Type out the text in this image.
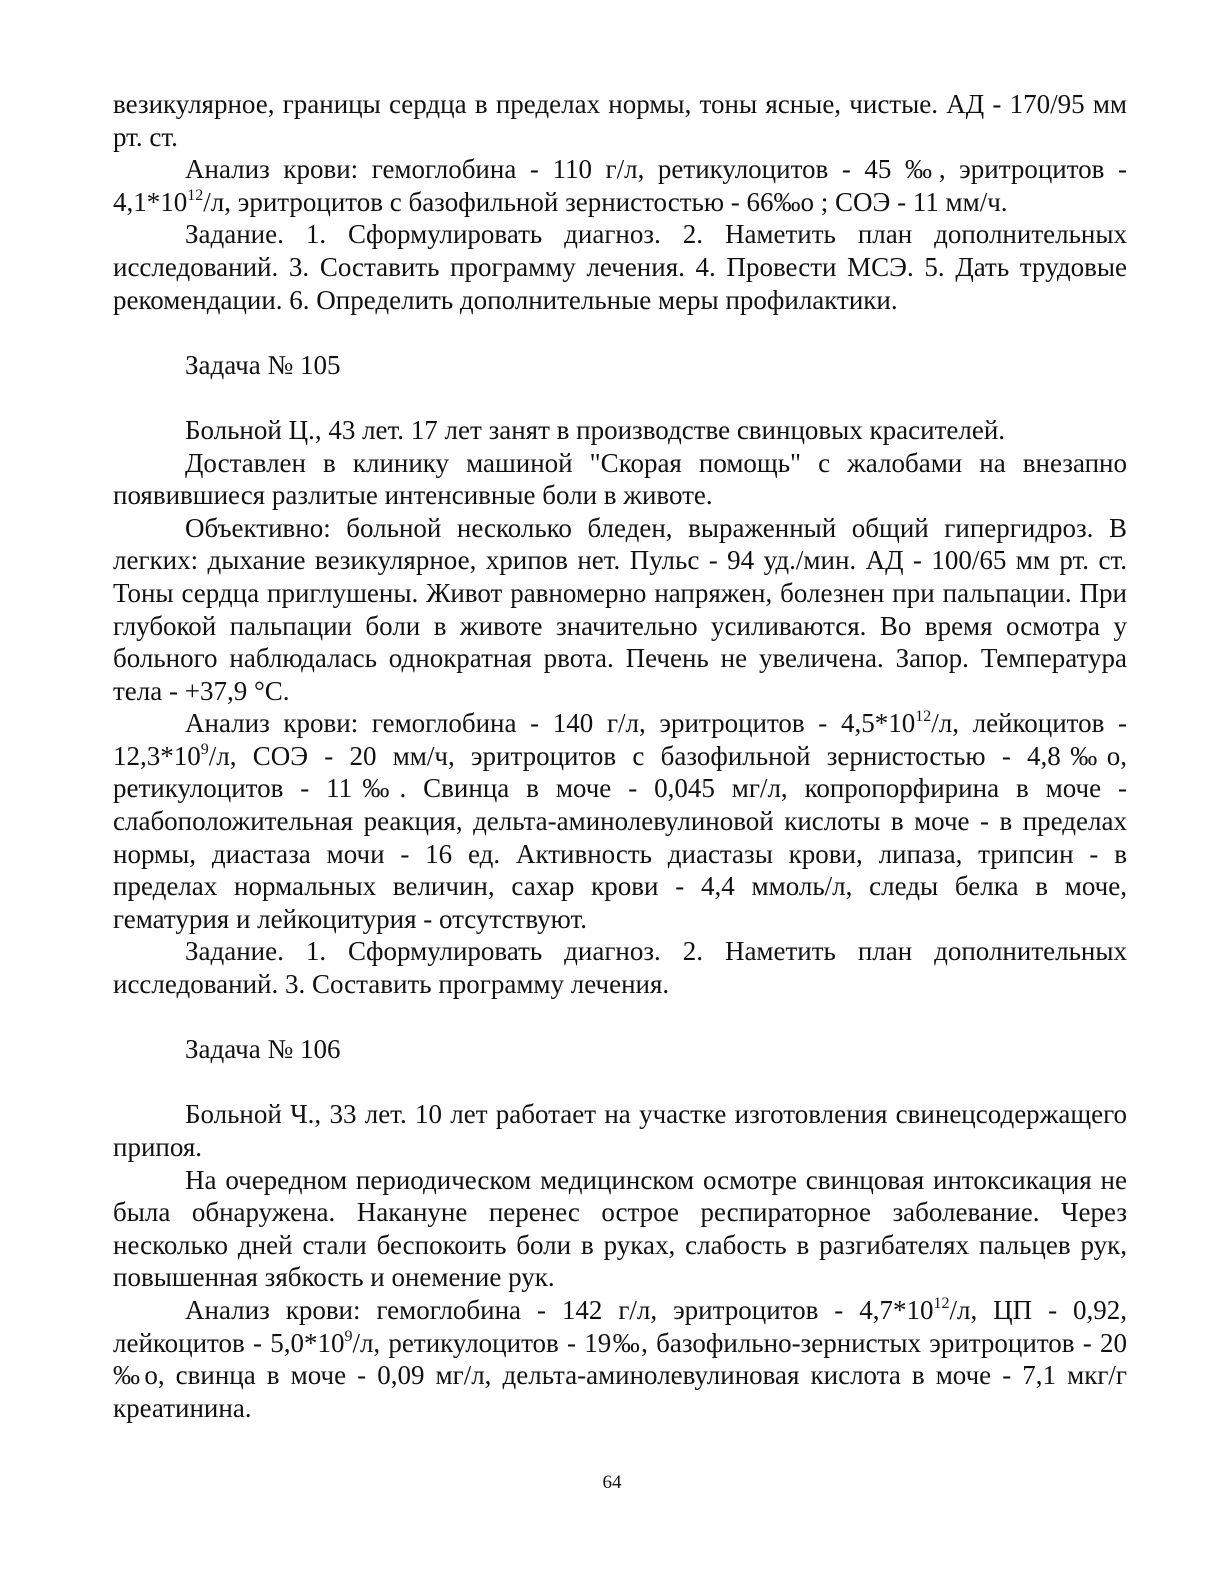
везикулярное, границы сердца в пределах нормы, тоны ясные, чистые. АД - 170/95 мм рт. ст.

Анализ крови: гемоглобина - 110 г/л, ретикулоцитов - 45 ‰, эритроцитов - $4,1*10^{12}/л$, эритроцитов с базофильной зернистостью - 66‰о ; СОЭ - 11 мм/ч.

Задание. 1. Сформулировать диагноз. 2. Наметить план дополнительных исследований. 3. Составить программу лечения. 4. Провести МСЭ. 5. Дать трудовые рекомендации. 6. Определить дополнительные меры профилактики.

Задача № 105

Больной Ц., 43 лет. 17 лет занят в производстве свинцовых красителей.

Доставлен в клинику машиной "Скорая помощь" с жалобами на внезапно появившиеся разлитые интенсивные боли в животе.

Объективно: больной несколько бледен, выраженный общий гипергидроз. В легких: дыхание везикулярное, хрипов нет. Пульс - 94 уд./мин. АД - 100/65 мм рт. ст. Тоны сердца приглушены. Живот равномерно напряжен, болезнен при пальпации. При глубокой пальпации боли в животе значительно усиливаются. Во время осмотра у больного наблюдалась однократная рвота. Печень не увеличена. Запор. Температура тела - +37,9 °С.

Анализ крови: гемоглобина - 140 г/л, эритроцитов - $4,5*10^{12}/л$, лейкоцитов - $12,3*10^9/л$, СОЭ - 20 мм/ч, эритроцитов с базофильной зернистостью - 4,8‰о, ретикулоцитов - 11‰. Свинца в моче - 0,045 мг/л, копропорфирина в моче - слабоположительная реакция, дельта-аминолевулиновой кислоты в моче - в пределах нормы, диастаза мочи - 16 ед. Активность диастазы крови, липаза, трипсин - в пределах нормальных величин, сахар крови - 4,4 ммоль/л, следы белка в моче, гематурия и лейкоцитурия - отсутствуют.

Задание. 1. Сформулировать диагноз. 2. Наметить план дополнительных исследований. 3. Составить программу лечения.

Задача № 106

Больной Ч., 33 лет. 10 лет работает на участке изготовления свинецсодержащего припоя.

На очередном периодическом медицинском осмотре свинцовая интоксикация не была обнаружена. Накануне перенес острое респираторное заболевание. Через несколько дней стали беспокоить боли в руках, слабость в разгибателях пальцев рук, повышенная зябкость и онемение рук.

Анализ крови: гемоглобина - 142 г/л, эритроцитов - $4,7*10^{12}/л$, ЦП - 0,92, лейкоцитов - $5,0*10^9/л$, ретикулоцитов - 19‰, базофильно-зернистых эритроцитов - 20 ‰о, свинца в моче - 0,09 мг/л, дельта-аминолевулиновая кислота в моче - 7,1 мкг/г креатинина.

64
